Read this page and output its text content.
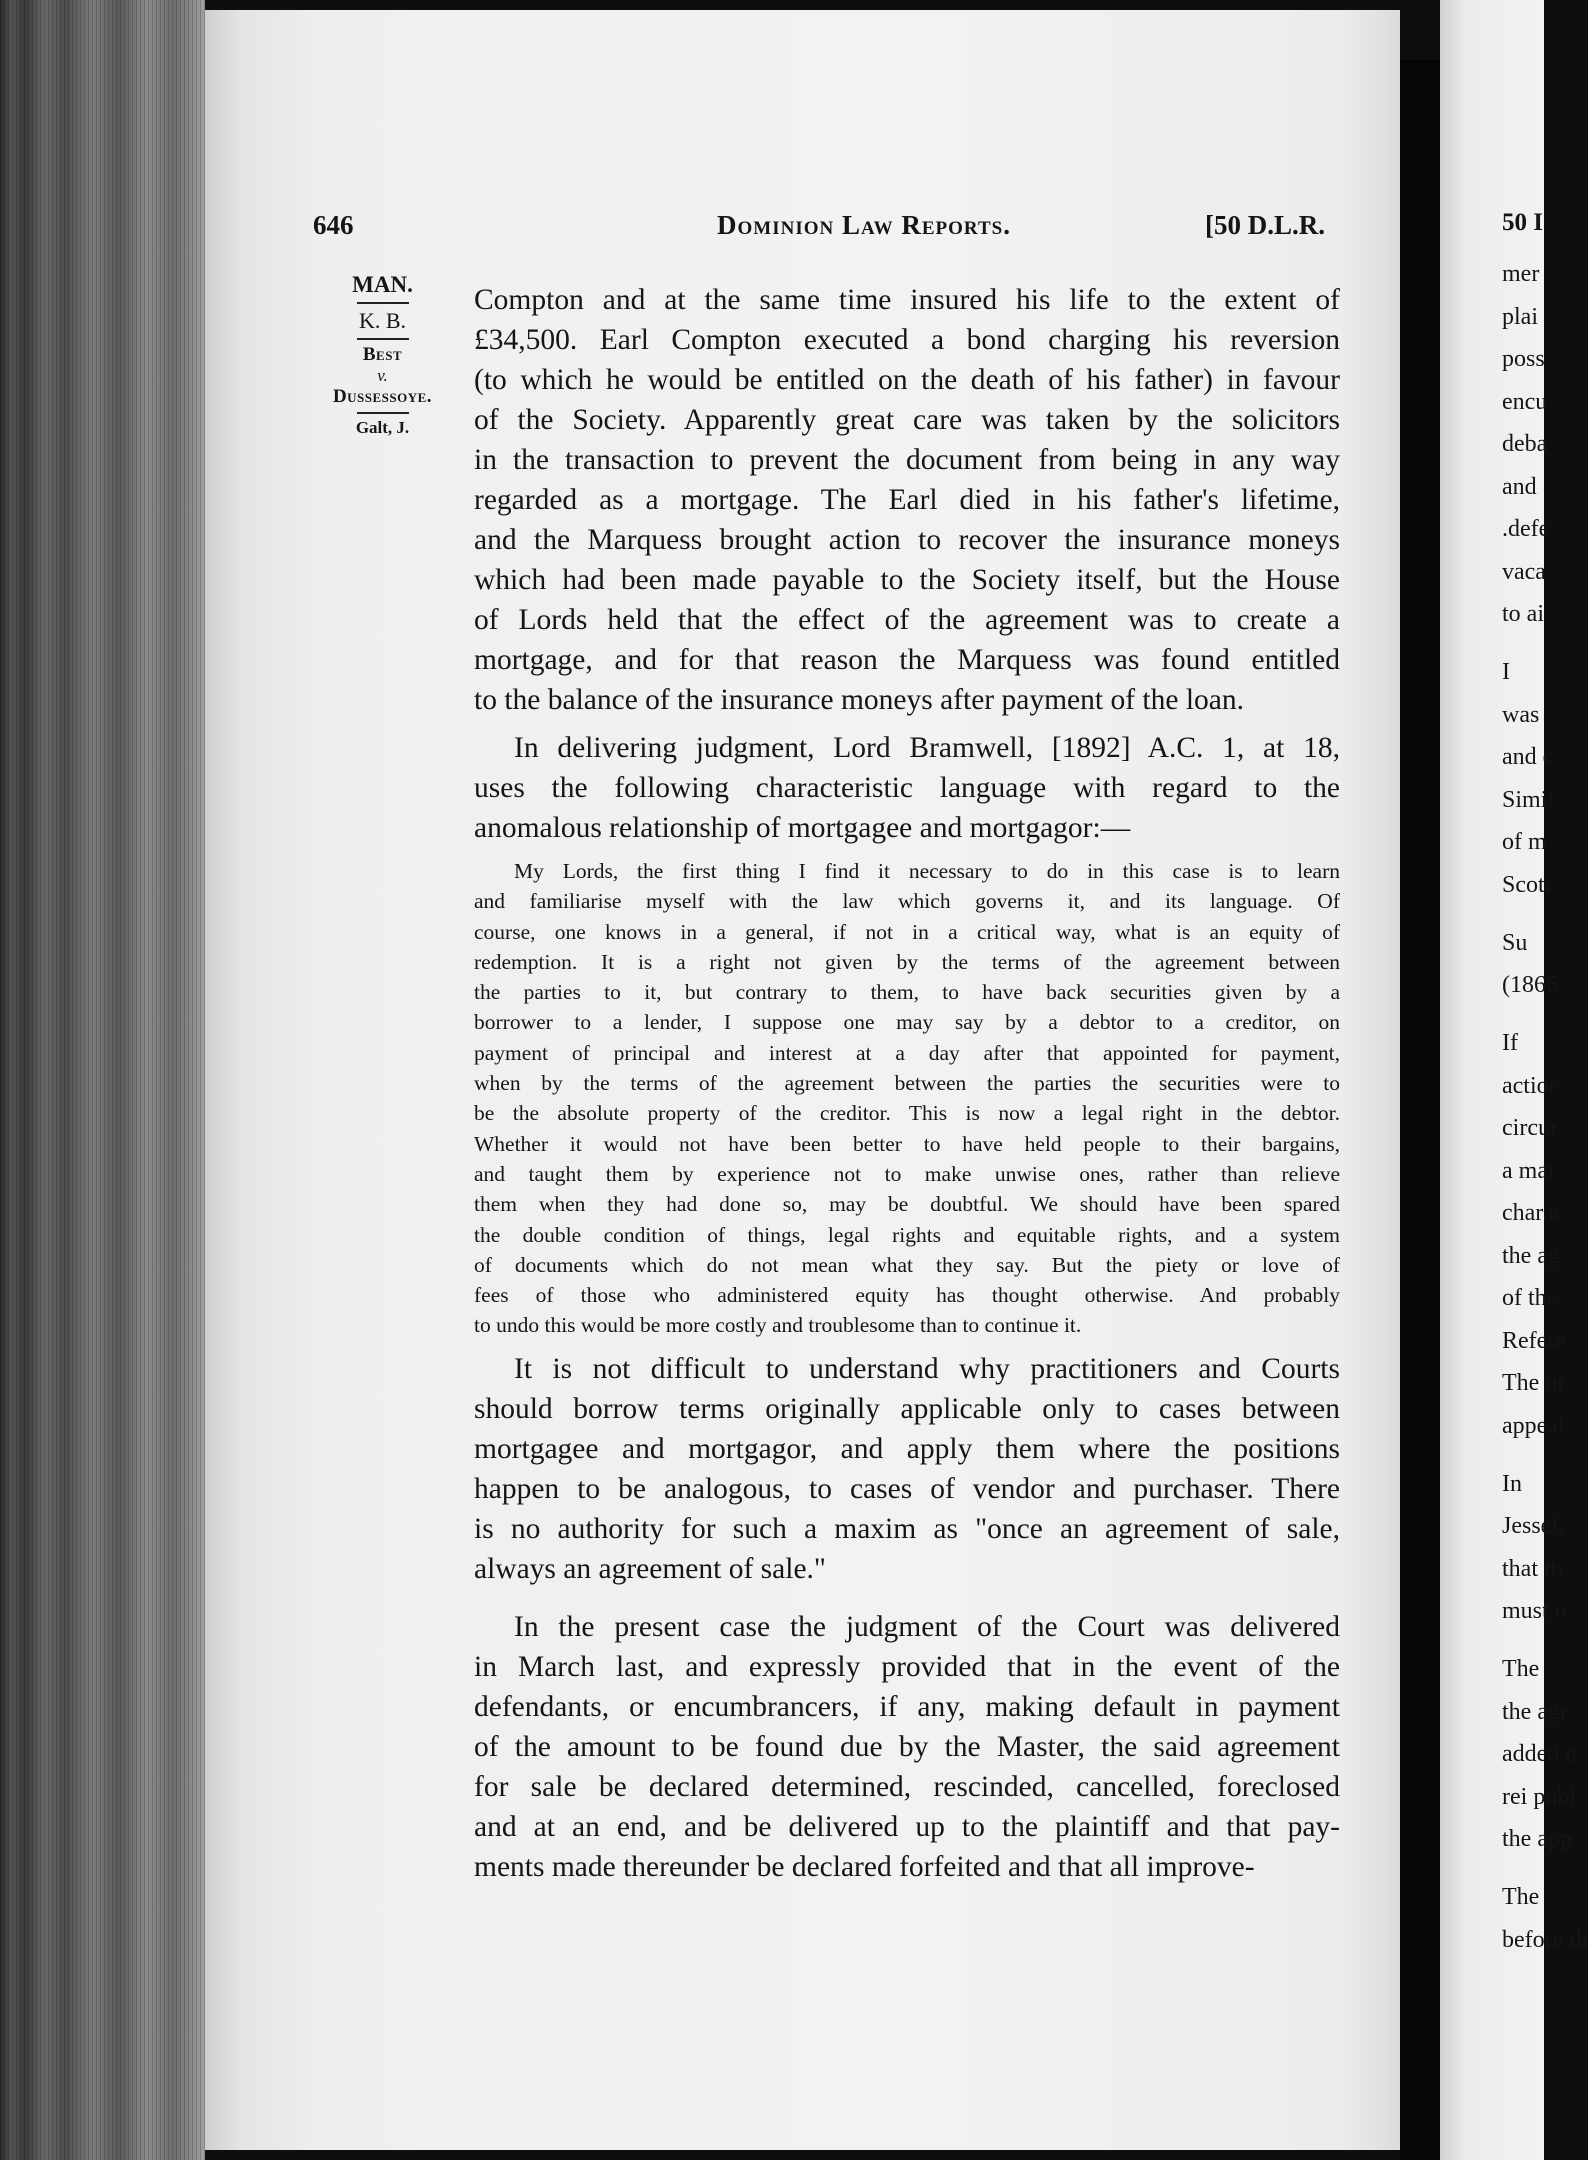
646	Dominion Law Reports.	[50 D.L.R.
MAN.
K. B.
Best
v.
Dussessoye.
Galt, J.
Compton and at the same time insured his life to the extent of
£34,500. Earl Compton executed a bond charging his reversion
(to which he would be entitled on the death of his father) in favour
of the Society. Apparently great care was taken by the solicitors
in the transaction to prevent the document from being in any way
regarded as a mortgage. The Earl died in his father's lifetime,
and the Marquess brought action to recover the insurance moneys
which had been made payable to the Society itself, but the House
of Lords held that the effect of the agreement was to create a
mortgage, and for that reason the Marquess was found entitled
to the balance of the insurance moneys after payment of the loan.
In delivering judgment, Lord Bramwell, [1892] A.C. 1, at 18,
uses the following characteristic language with regard to the
anomalous relationship of mortgagee and mortgagor:—
My Lords, the first thing I find it necessary to do in this case is to learn
and familiarise myself with the law which governs it, and its language. Of
course, one knows in a general, if not in a critical way, what is an equity of
redemption. It is a right not given by the terms of the agreement between
the parties to it, but contrary to them, to have back securities given by a
borrower to a lender, I suppose one may say by a debtor to a creditor, on
payment of principal and interest at a day after that appointed for payment,
when by the terms of the agreement between the parties the securities were to
be the absolute property of the creditor. This is now a legal right in the debtor.
Whether it would not have been better to have held people to their bargains,
and taught them by experience not to make unwise ones, rather than relieve
them when they had done so, may be doubtful. We should have been spared
the double condition of things, legal rights and equitable rights, and a system
of documents which do not mean what they say. But the piety or love of
fees of those who administered equity has thought otherwise. And probably
to undo this would be more costly and troublesome than to continue it.
It is not difficult to understand why practitioners and Courts
should borrow terms originally applicable only to cases between
mortgagee and mortgagor, and apply them where the positions
happen to be analogous, to cases of vendor and purchaser. There
is no authority for such a maxim as "once an agreement of sale,
always an agreement of sale."
In the present case the judgment of the Court was delivered
in March last, and expressly provided that in the event of the
defendants, or encumbrancers, if any, making default in payment
of the amount to be found due by the Master, the said agreement
for sale be declared determined, rescinded, cancelled, foreclosed
and at an end, and be delivered up to the plaintiff and that pay-
ments made thereunder be declared forfeited and that all improve-
50 I
mer
plai
poss
encu
deba
and
.defe
vaca
to ai
I
was
and c
Simil
of m
Scott
Su
(1866
If
actior
circur
a mat
charac
the ag
of the
Refere
The or
appeal
In
Jessel,
that th
must n
The
the agr
added u
rei publ
the app
The
before th
